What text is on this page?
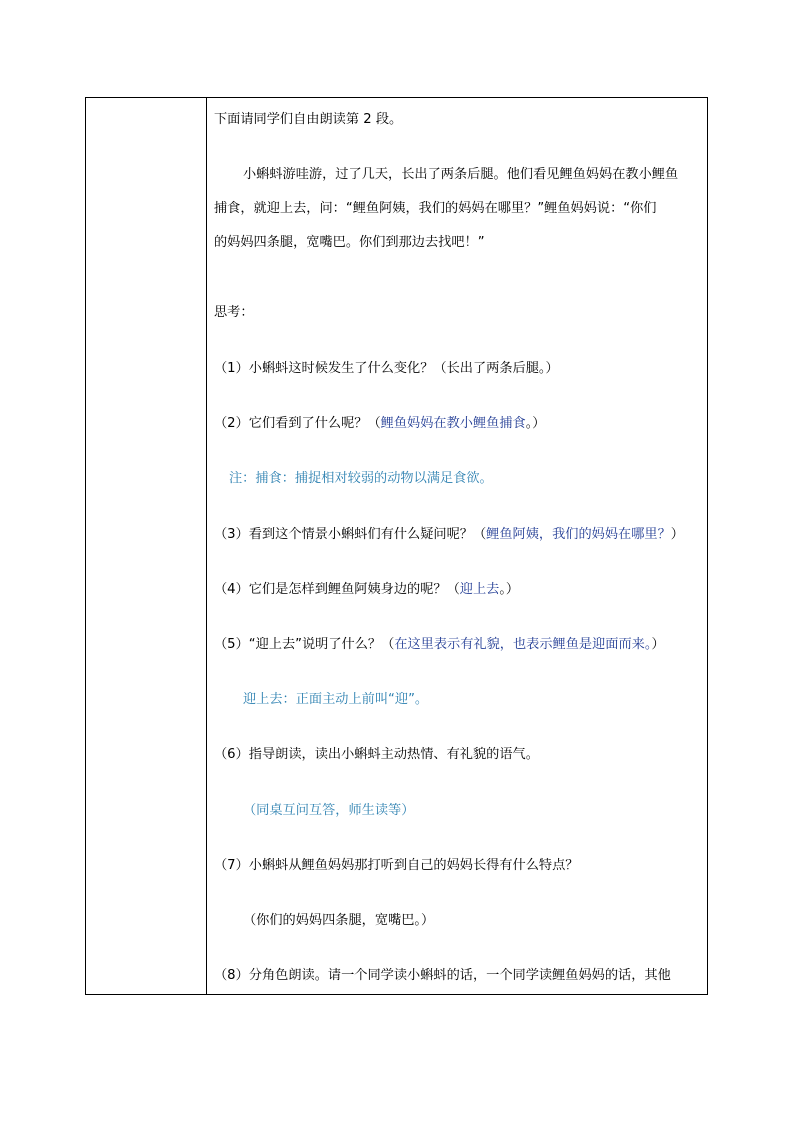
下面请同学们自由朗读第 2 段。
小蝌蚪游哇游，过了几天，长出了两条后腿。他们看见鲤鱼妈妈在教小鲤鱼
捕食，就迎上去，问：“鲤鱼阿姨，我们的妈妈在哪里？”鲤鱼妈妈说：“你们
的妈妈四条腿，宽嘴巴。你们到那边去找吧！”
思考：
（1）小蝌蚪这时候发生了什么变化？（长出了两条后腿。）
（2）它们看到了什么呢？（鲤鱼妈妈在教小鲤鱼捕食。）
注：捕食：捕捉相对较弱的动物以满足食欲。
（3）看到这个情景小蝌蚪们有什么疑问呢？（鲤鱼阿姨，我们的妈妈在哪里？）
（4）它们是怎样到鲤鱼阿姨身边的呢？（迎上去。）
（5）“迎上去”说明了什么？（在这里表示有礼貌，也表示鲤鱼是迎面而来。）
迎上去：正面主动上前叫“迎”。
（6）指导朗读，读出小蝌蚪主动热情、有礼貌的语气。
（同桌互问互答，师生读等）
（7）小蝌蚪从鲤鱼妈妈那打听到自己的妈妈长得有什么特点？
（你们的妈妈四条腿，宽嘴巴。）
（8）分角色朗读。请一个同学读小蝌蚪的话，一个同学读鲤鱼妈妈的话，其他
